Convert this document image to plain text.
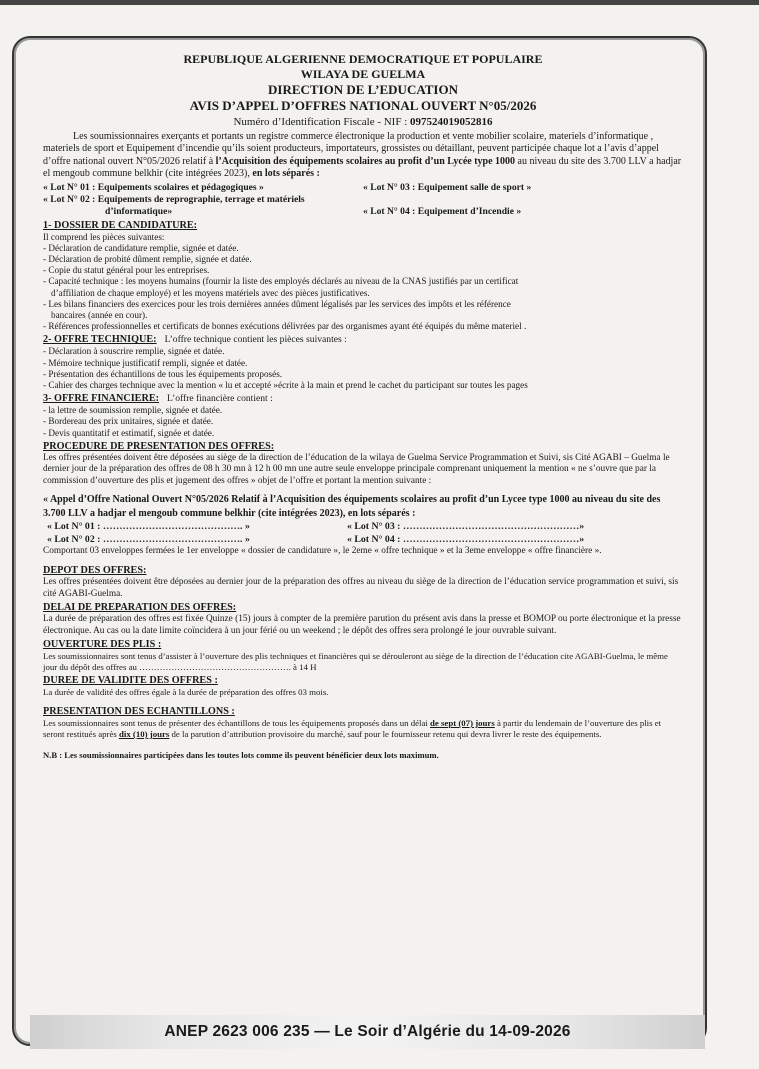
REPUBLIQUE ALGERIENNE DEMOCRATIQUE ET POPULAIRE
WILAYA DE GUELMA
DIRECTION DE L’EDUCATION
AVIS D’APPEL D’OFFRES NATIONAL OUVERT N°05/2026
Numéro d’Identification Fiscale - NIF : 097524019052816
Les soumissionnaires exerçants et portants un registre commerce électronique la production et vente mobilier scolaire, materiels d’informatique , materiels de sport et Equipement d’incendie qu’ils soient producteurs, importateurs, grossistes ou détaillant, peuvent participée chaque lot a l’avis d’appel d’offre national ouvert N°05/2026 relatif à l’Acquisition des équipements scolaires au profit d’un Lycée type 1000 au niveau du site des 3.700 LLV a hadjar el mengoub commune belkhir (cite intégrées 2023), en lots séparés :
« Lot N° 01 : Equipements scolaires et pédagogiques »
« Lot N° 02 : Equipements de reprographie, terrage et matériels
d’informatique»
« Lot N° 03 : Equipement salle de sport »
« Lot N° 04 : Equipement d’Incendie »
1- DOSSIER DE CANDIDATURE:
Il comprend les pièces suivantes:
- Déclaration de candidature remplie, signée et datée.
- Déclaration de probité dûment remplie, signée et datée.
- Copie du statut général pour les entreprises.
- Capacité technique : les moyens humains (fournir la liste des employés déclarés au niveau de la CNAS justifiés par un certificat
d’affiliation de chaque employé) et les moyens matériels avec des pièces justificatives.
- Les bilans financiers des exercices pour les trois dernières années dûment légalisés par les services des impôts et les référence
bancaires (année en cour).
- Références professionnelles et certificats de bonnes exécutions délivrées par des organismes ayant été équipés du même materiel .
2- OFFRE TECHNIQUE: L’offre technique contient les pièces suivantes :
- Déclaration à souscrire remplie, signée et datée.
- Mémoire technique justificatif rempli, signée et datée.
- Présentation des échantillons de tous les équipements proposés.
- Cahier des charges technique avec la mention « lu et accepté »écrite à la main et prend le cachet du participant sur toutes les pages
3- OFFRE FINANCIERE: L’offre financière contient :
- la lettre de soumission remplie, signée et datée.
- Bordereau des prix unitaires, signée et datée.
- Devis quantitatif et estimatif, signée et datée.
PROCEDURE DE PRESENTATION DES OFFRES:
Les offres présentées doivent être déposées au siège de la direction de l’éducation de la wilaya de Guelma Service Programmation et Suivi, sis Cité AGABI – Guelma le dernier jour de la préparation des offres de 08 h 30 mn à 12 h 00 mn une autre seule enveloppe principale comprenant uniquement la mention « ne s’ouvre que par la commission d’ouverture des plis et jugement des offres » objet de l’offre et portant la mention suivante :
« Appel d’Offre National Ouvert N°05/2026 Relatif à l’Acquisition des équipements scolaires au profit d’un Lycee type 1000 au niveau du site des 3.700 LLV a hadjar el mengoub commune belkhir (cite intégrées 2023), en lots séparés :
« Lot N° 01 : ……………………………………. »	« Lot N° 03 : ………………………………………………»
« Lot N° 02 : ……………………………………. »	« Lot N° 04 : ………………………………………………»
Comportant 03 enveloppes fermées le 1er enveloppe « dossier de candidature », le 2eme « offre technique » et la 3eme enveloppe « offre financière ».
DEPOT DES OFFRES:
Les offres présentées doivent être déposées au dernier jour de la préparation des offres au niveau du siège de la direction de l’éducation service programmation et suivi, sis cité AGABI-Guelma.
DELAI DE PREPARATION DES OFFRES:
La durée de préparation des offres est fixée Quinze (15) jours à compter de la première parution du présent avis dans la presse et BOMOP ou porte électronique et la presse électronique. Au cas ou la date limite coïncidera à un jour férié ou un weekend ; le dépôt des offres sera prolongé le jour ouvrable suivant.
OUVERTURE DES PLIS :
Les soumissionnaires sont tenus d’assister à l’ouverture des plis techniques et financières qui se dérouleront au siège de la direction de l’éducation cite AGABI-Guelma, le même jour du dépôt des offres au ……………………………………………. à 14 H
DUREE DE VALIDITE DES OFFRES :
La durée de validité des offres égale à la durée de préparation des offres 03 mois.
PRESENTATION DES ECHANTILLONS :
Les soumissionnaires sont tenus de présenter des échantillons de tous les équipements proposés dans un délai de sept (07) jours à partir du lendemain de l’ouverture des plis et seront restitués après dix (10) jours de la parution d’attribution provisoire du marché, sauf pour le fournisseur retenu qui devra livrer le reste des équipements.
N.B : Les soumissionnaires participées dans les toutes lots comme ils peuvent bénéficier deux lots maximum.
ANEP 2623 006 235 — Le Soir d’Algérie du 14-09-2026
